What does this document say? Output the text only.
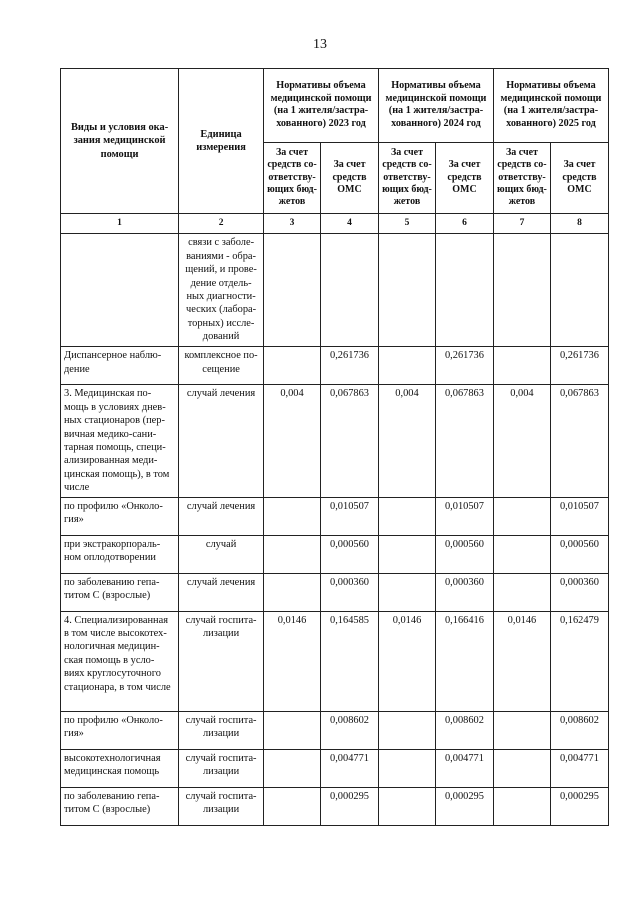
13
Виды и условия ока- зания медицинской помощи	Единица измерения	Нормативы объема медицинской помощи (на 1 жителя/застра- хованного) 2023 год		Нормативы объема медицинской помощи (на 1 жителя/застра- хованного) 2024 год		Нормативы объема медицинской помощи (на 1 жителя/застра- хованного) 2025 год	
		За счет средств со- ответству- ющих бюд- жетов	За счет средств ОМС	За счет средств со- ответству- ющих бюд- жетов	За счет средств ОМС	За счет средств со- ответству- ющих бюд- жетов	За счет средств ОМС
1	2	3	4	5	6	7	8
	связи с заболе- ваниями - обра- щений, и прове- дение отдель- ных диагности- ческих (лабора- торных) иссле- дований						
Диспансерное наблю- дение	комплексное по- сещение		0,261736		0,261736		0,261736
3. Медицинская по- мощь в условиях днев- ных стационаров (пер- вичная медико-сани- тарная помощь, специ- ализированная меди- цинская помощь), в том числе	случай лечения	0,004	0,067863	0,004	0,067863	0,004	0,067863
по профилю «Онколо- гия»	случай лечения		0,010507		0,010507		0,010507
при экстракорпораль- ном оплодотворении	случай		0,000560		0,000560		0,000560
по заболеванию гепа- титом С (взрослые)	случай лечения		0,000360		0,000360		0,000360
4. Специализированная в том числе высокотех- нологичная медицин- ская помощь в усло- виях круглосуточного стационара, в том числе	случай госпита- лизации	0,0146	0,164585	0,0146	0,166416	0,0146	0,162479
по профилю «Онколо- гия»	случай госпита- лизации		0,008602		0,008602		0,008602
высокотехнологичная медицинская помощь	случай госпита- лизации		0,004771		0,004771		0,004771
по заболеванию гепа- титом С (взрослые)	случай госпита- лизации		0,000295		0,000295		0,000295
